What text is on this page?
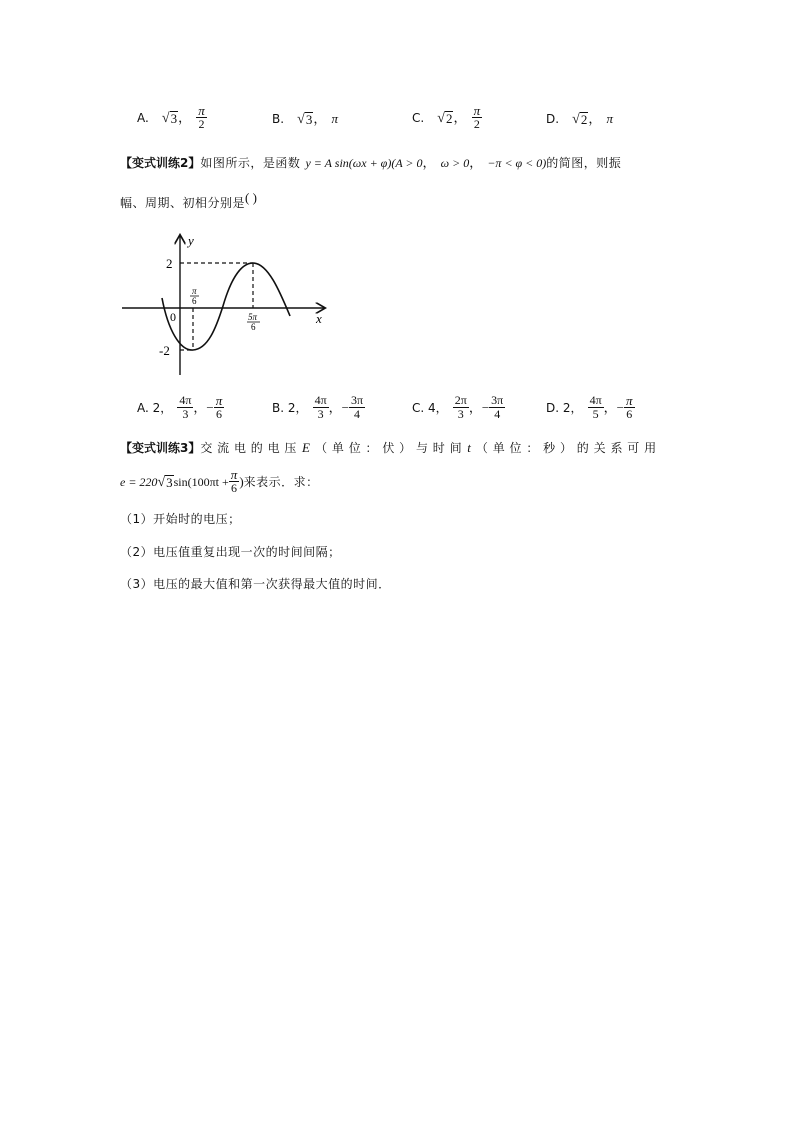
A. √ 3 ， $\frac{\pi}{2}$	B. √ 3 ， π	C. √ 2 ， $\frac{\pi}{2}$	D. √ 2 ， π
【变式训练2】如图所示，是函数 y = A sin(ωx + φ)(A > 0， ω > 0， −π < φ < 0)的简图，则振
幅、周期、初相分别是( )
y
x
2
-2
0
π
6
5π
6
A. 2， $\frac{4\pi}{3}$ ，− $\frac{\pi}{6}$	B. 2， $\frac{4\pi}{3}$ ，− $\frac{3\pi}{4}$	C. 4， $\frac{2\pi}{3}$ ，− $\frac{3\pi}{4}$	D. 2， $\frac{4\pi}{5}$ ，− $\frac{\pi}{6}$
【变式训练3】交 流 电 的 电 压 E （ 单 位 ： 伏 ） 与 时 间 t （ 单 位 ： 秒 ） 的 关 系 可 用
e = 220 √ 3 $\sin(100\pi t + \frac{\pi}{6}$ )来表示．求：
（1）开始时的电压；
（2）电压值重复出现一次的时间间隔；
（3）电压的最大值和第一次获得最大值的时间．
